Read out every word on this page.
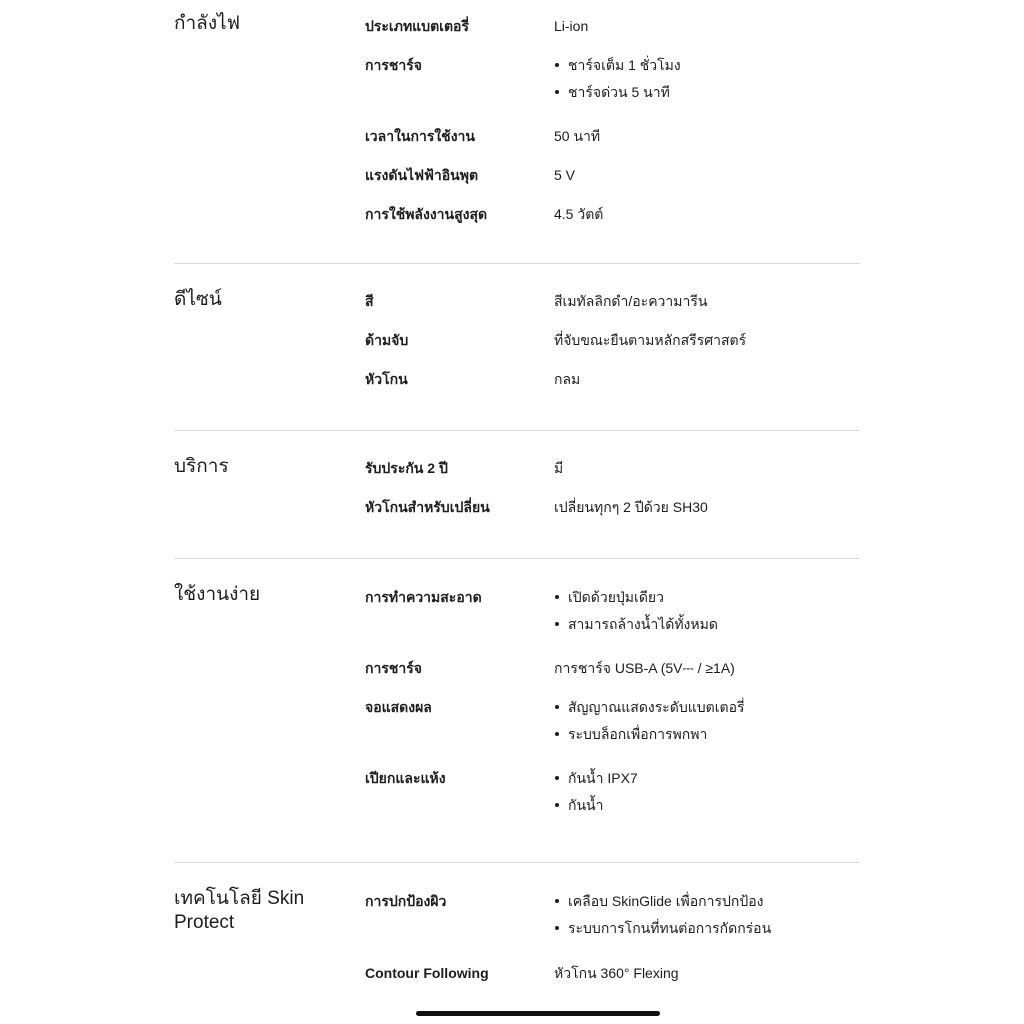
กำลังไฟ	ประเภทแบตเตอรี่	Li-ion
การชาร์จ	ชาร์จเต็ม 1 ชั่วโมง
ชาร์จด่วน 5 นาที
เวลาในการใช้งาน	50 นาที
แรงดันไฟฟ้าอินพุต	5 V
การใช้พลังงานสูงสุด	4.5 วัตต์
ดีไซน์	สี	สีเมทัลลิกดำ/อะความารีน
ด้ามจับ	ที่จับขณะยืนตามหลักสรีรศาสตร์
หัวโกน	กลม
บริการ	รับประกัน 2 ปี	มี
หัวโกนสำหรับเปลี่ยน	เปลี่ยนทุกๆ 2 ปีด้วย SH30
ใช้งานง่าย	การทำความสะอาด	เปิดด้วยปุ่มเดียว
สามารถล้างน้ำได้ทั้งหมด
การชาร์จ	การชาร์จ USB-A (5V⎓ / ≥1A)
จอแสดงผล	สัญญาณแสดงระดับแบตเตอรี่
ระบบล็อกเพื่อการพกพา
เปียกและแห้ง	กันน้ำ IPX7
กันน้ำ
เทคโนโลยี Skin Protect
การปกป้องผิว	เคลือบ SkinGlide เพื่อการปกป้อง
ระบบการโกนที่ทนต่อการกัดกร่อน
Contour Following	หัวโกน 360° Flexing
